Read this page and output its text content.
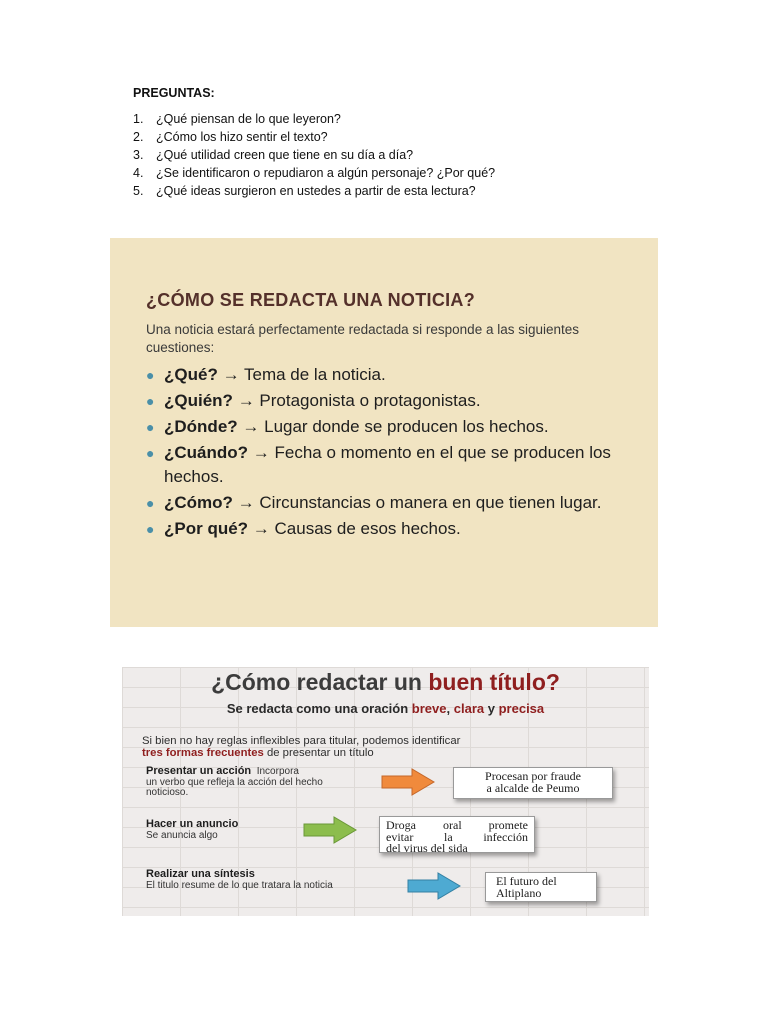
PREGUNTAS:

1.	¿Qué piensan de lo que leyeron?
2.	¿Cómo los hizo sentir el texto?
3.	¿Qué utilidad creen que tiene en su día a día?
4.	¿Se identificaron o repudiaron a algún personaje? ¿Por qué?
5.	¿Qué ideas surgieron en ustedes a partir de esta lectura?

¿CÓMO SE REDACTA UNA NOTICIA?

Una noticia estará perfectamente redactada si responde a las siguientes cuestiones:

● ¿Qué? → Tema de la noticia.
● ¿Quién? → Protagonista o protagonistas.
● ¿Dónde? → Lugar donde se producen los hechos.
● ¿Cuándo? → Fecha o momento en el que se producen los hechos.
● ¿Cómo? → Circunstancias o manera en que tienen lugar.
● ¿Por qué? → Causas de esos hechos.
¿Cómo redactar un buen título?
Se redacta como una oración breve, clara y precisa
Si bien no hay reglas inflexibles para titular, podemos identificar
tres formas frecuentes de presentar un título
Presentar un acción Incorpora
un verbo que refleja la acción del hecho noticioso.
Procesan por fraude
a alcalde de Peumo
Hacer un anuncio
Se anuncia algo
Droga oral promete
evitar la infección

del virus del sida
Realizar una síntesis
El titulo resume de lo que tratara la noticia	El futuro del
Altiplano
